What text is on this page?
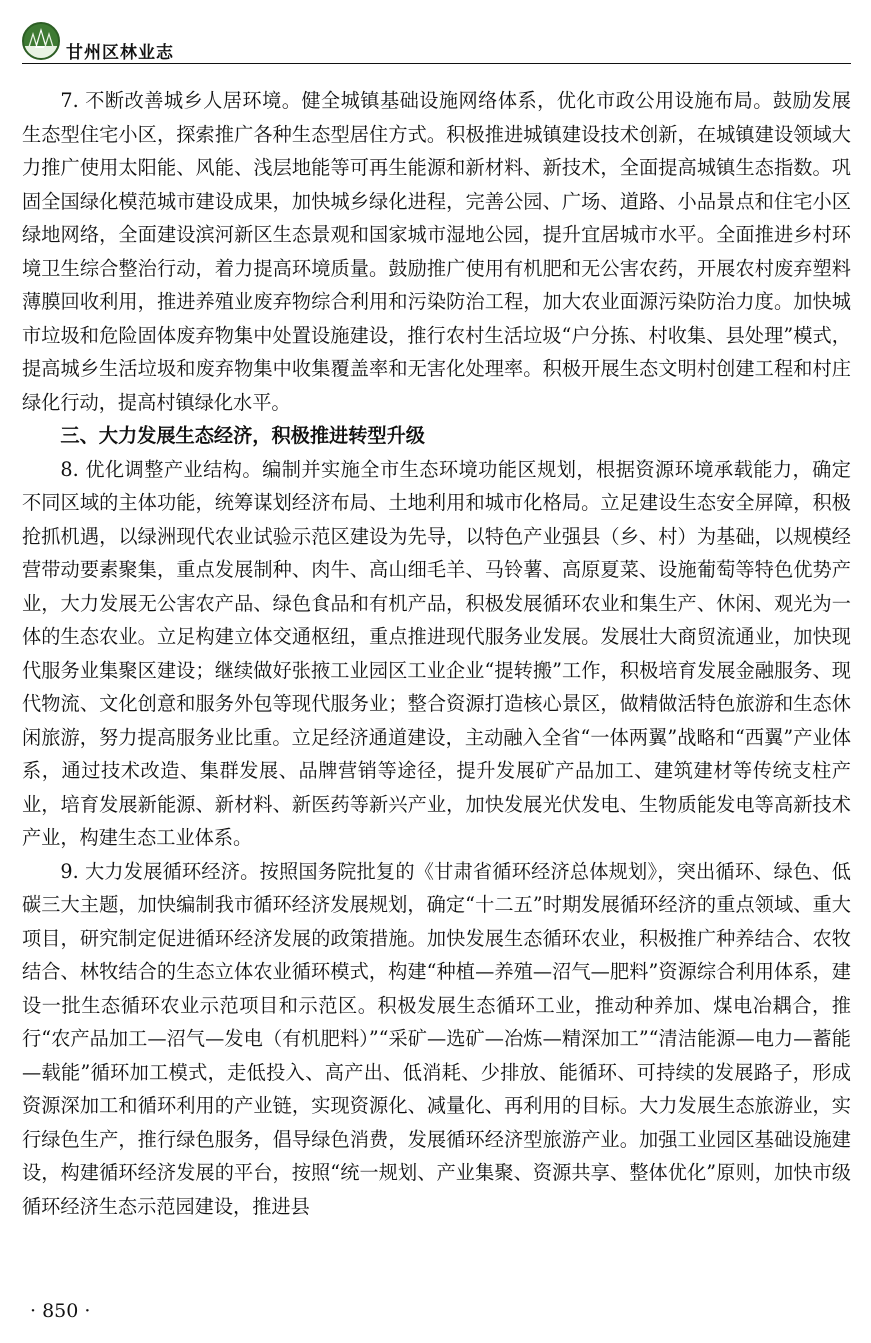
甘州区林业志

7. 不断改善城乡人居环境。健全城镇基础设施网络体系，优化市政公用设施布局。鼓励发展生态型住宅小区，探索推广各种生态型居住方式。积极推进城镇建设技术创新，在城镇建设领域大力推广使用太阳能、风能、浅层地能等可再生能源和新材料、新技术，全面提高城镇生态指数。巩固全国绿化模范城市建设成果，加快城乡绿化进程，完善公园、广场、道路、小品景点和住宅小区绿地网络，全面建设滨河新区生态景观和国家城市湿地公园，提升宜居城市水平。全面推进乡村环境卫生综合整治行动，着力提高环境质量。鼓励推广使用有机肥和无公害农药，开展农村废弃塑料薄膜回收利用，推进养殖业废弃物综合利用和污染防治工程，加大农业面源污染防治力度。加快城市垃圾和危险固体废弃物集中处置设施建设，推行农村生活垃圾“户分拣、村收集、县处理”模式，提高城乡生活垃圾和废弃物集中收集覆盖率和无害化处理率。积极开展生态文明村创建工程和村庄绿化行动，提高村镇绿化水平。

三、大力发展生态经济，积极推进转型升级

8. 优化调整产业结构。编制并实施全市生态环境功能区规划，根据资源环境承载能力，确定不同区域的主体功能，统筹谋划经济布局、土地利用和城市化格局。立足建设生态安全屏障，积极抢抓机遇，以绿洲现代农业试验示范区建设为先导，以特色产业强县（乡、村）为基础，以规模经营带动要素聚集，重点发展制种、肉牛、高山细毛羊、马铃薯、高原夏菜、设施葡萄等特色优势产业，大力发展无公害农产品、绿色食品和有机产品，积极发展循环农业和集生产、休闲、观光为一体的生态农业。立足构建立体交通枢纽，重点推进现代服务业发展。发展壮大商贸流通业，加快现代服务业集聚区建设；继续做好张掖工业园区工业企业“提转搬”工作，积极培育发展金融服务、现代物流、文化创意和服务外包等现代服务业；整合资源打造核心景区，做精做活特色旅游和生态休闲旅游，努力提高服务业比重。立足经济通道建设，主动融入全省“一体两翼”战略和“西翼”产业体系，通过技术改造、集群发展、品牌营销等途径，提升发展矿产品加工、建筑建材等传统支柱产业，培育发展新能源、新材料、新医药等新兴产业，加快发展光伏发电、生物质能发电等高新技术产业，构建生态工业体系。

9. 大力发展循环经济。按照国务院批复的《甘肃省循环经济总体规划》，突出循环、绿色、低碳三大主题，加快编制我市循环经济发展规划，确定“十二五”时期发展循环经济的重点领域、重大项目，研究制定促进循环经济发展的政策措施。加快发展生态循环农业，积极推广种养结合、农牧结合、林牧结合的生态立体农业循环模式，构建“种植—养殖—沼气—肥料”资源综合利用体系，建设一批生态循环农业示范项目和示范区。积极发展生态循环工业，推动种养加、煤电冶耦合，推行“农产品加工—沼气—发电（有机肥料）”“采矿—选矿—冶炼—精深加工”“清洁能源—电力—蓄能—载能”循环加工模式，走低投入、高产出、低消耗、少排放、能循环、可持续的发展路子，形成资源深加工和循环利用的产业链，实现资源化、减量化、再利用的目标。大力发展生态旅游业，实行绿色生产，推行绿色服务，倡导绿色消费，发展循环经济型旅游产业。加强工业园区基础设施建设，构建循环经济发展的平台，按照“统一规划、产业集聚、资源共享、整体优化”原则，加快市级循环经济生态示范园建设，推进县

· 850 ·
